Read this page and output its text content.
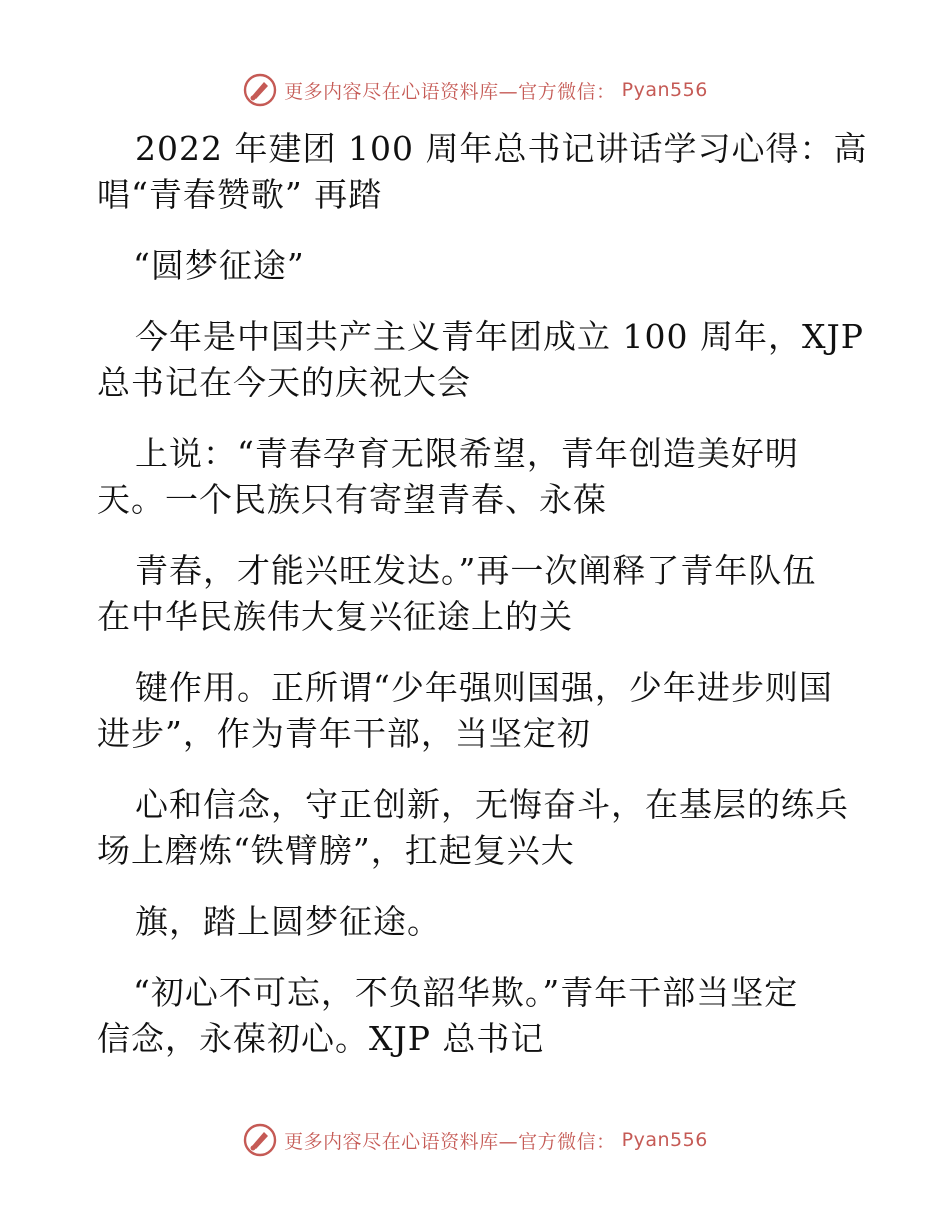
更多内容尽在心语资料库—官方微信： Pyan556
2022 年建团 100 周年总书记讲话学习心得：高
唱“青春赞歌” 再踏
“圆梦征途”
今年是中国共产主义青年团成立 100 周年，XJP
总书记在今天的庆祝大会
上说：“青春孕育无限希望，青年创造美好明
天。一个民族只有寄望青春、永葆
青春，才能兴旺发达。”再一次阐释了青年队伍
在中华民族伟大复兴征途上的关
键作用。正所谓“少年强则国强，少年进步则国
进步”，作为青年干部，当坚定初
心和信念，守正创新，无悔奋斗，在基层的练兵
场上磨炼“铁臂膀”，扛起复兴大
旗，踏上圆梦征途。
“初心不可忘，不负韶华欺。”青年干部当坚定
信念，永葆初心。XJP 总书记
更多内容尽在心语资料库—官方微信： Pyan556
